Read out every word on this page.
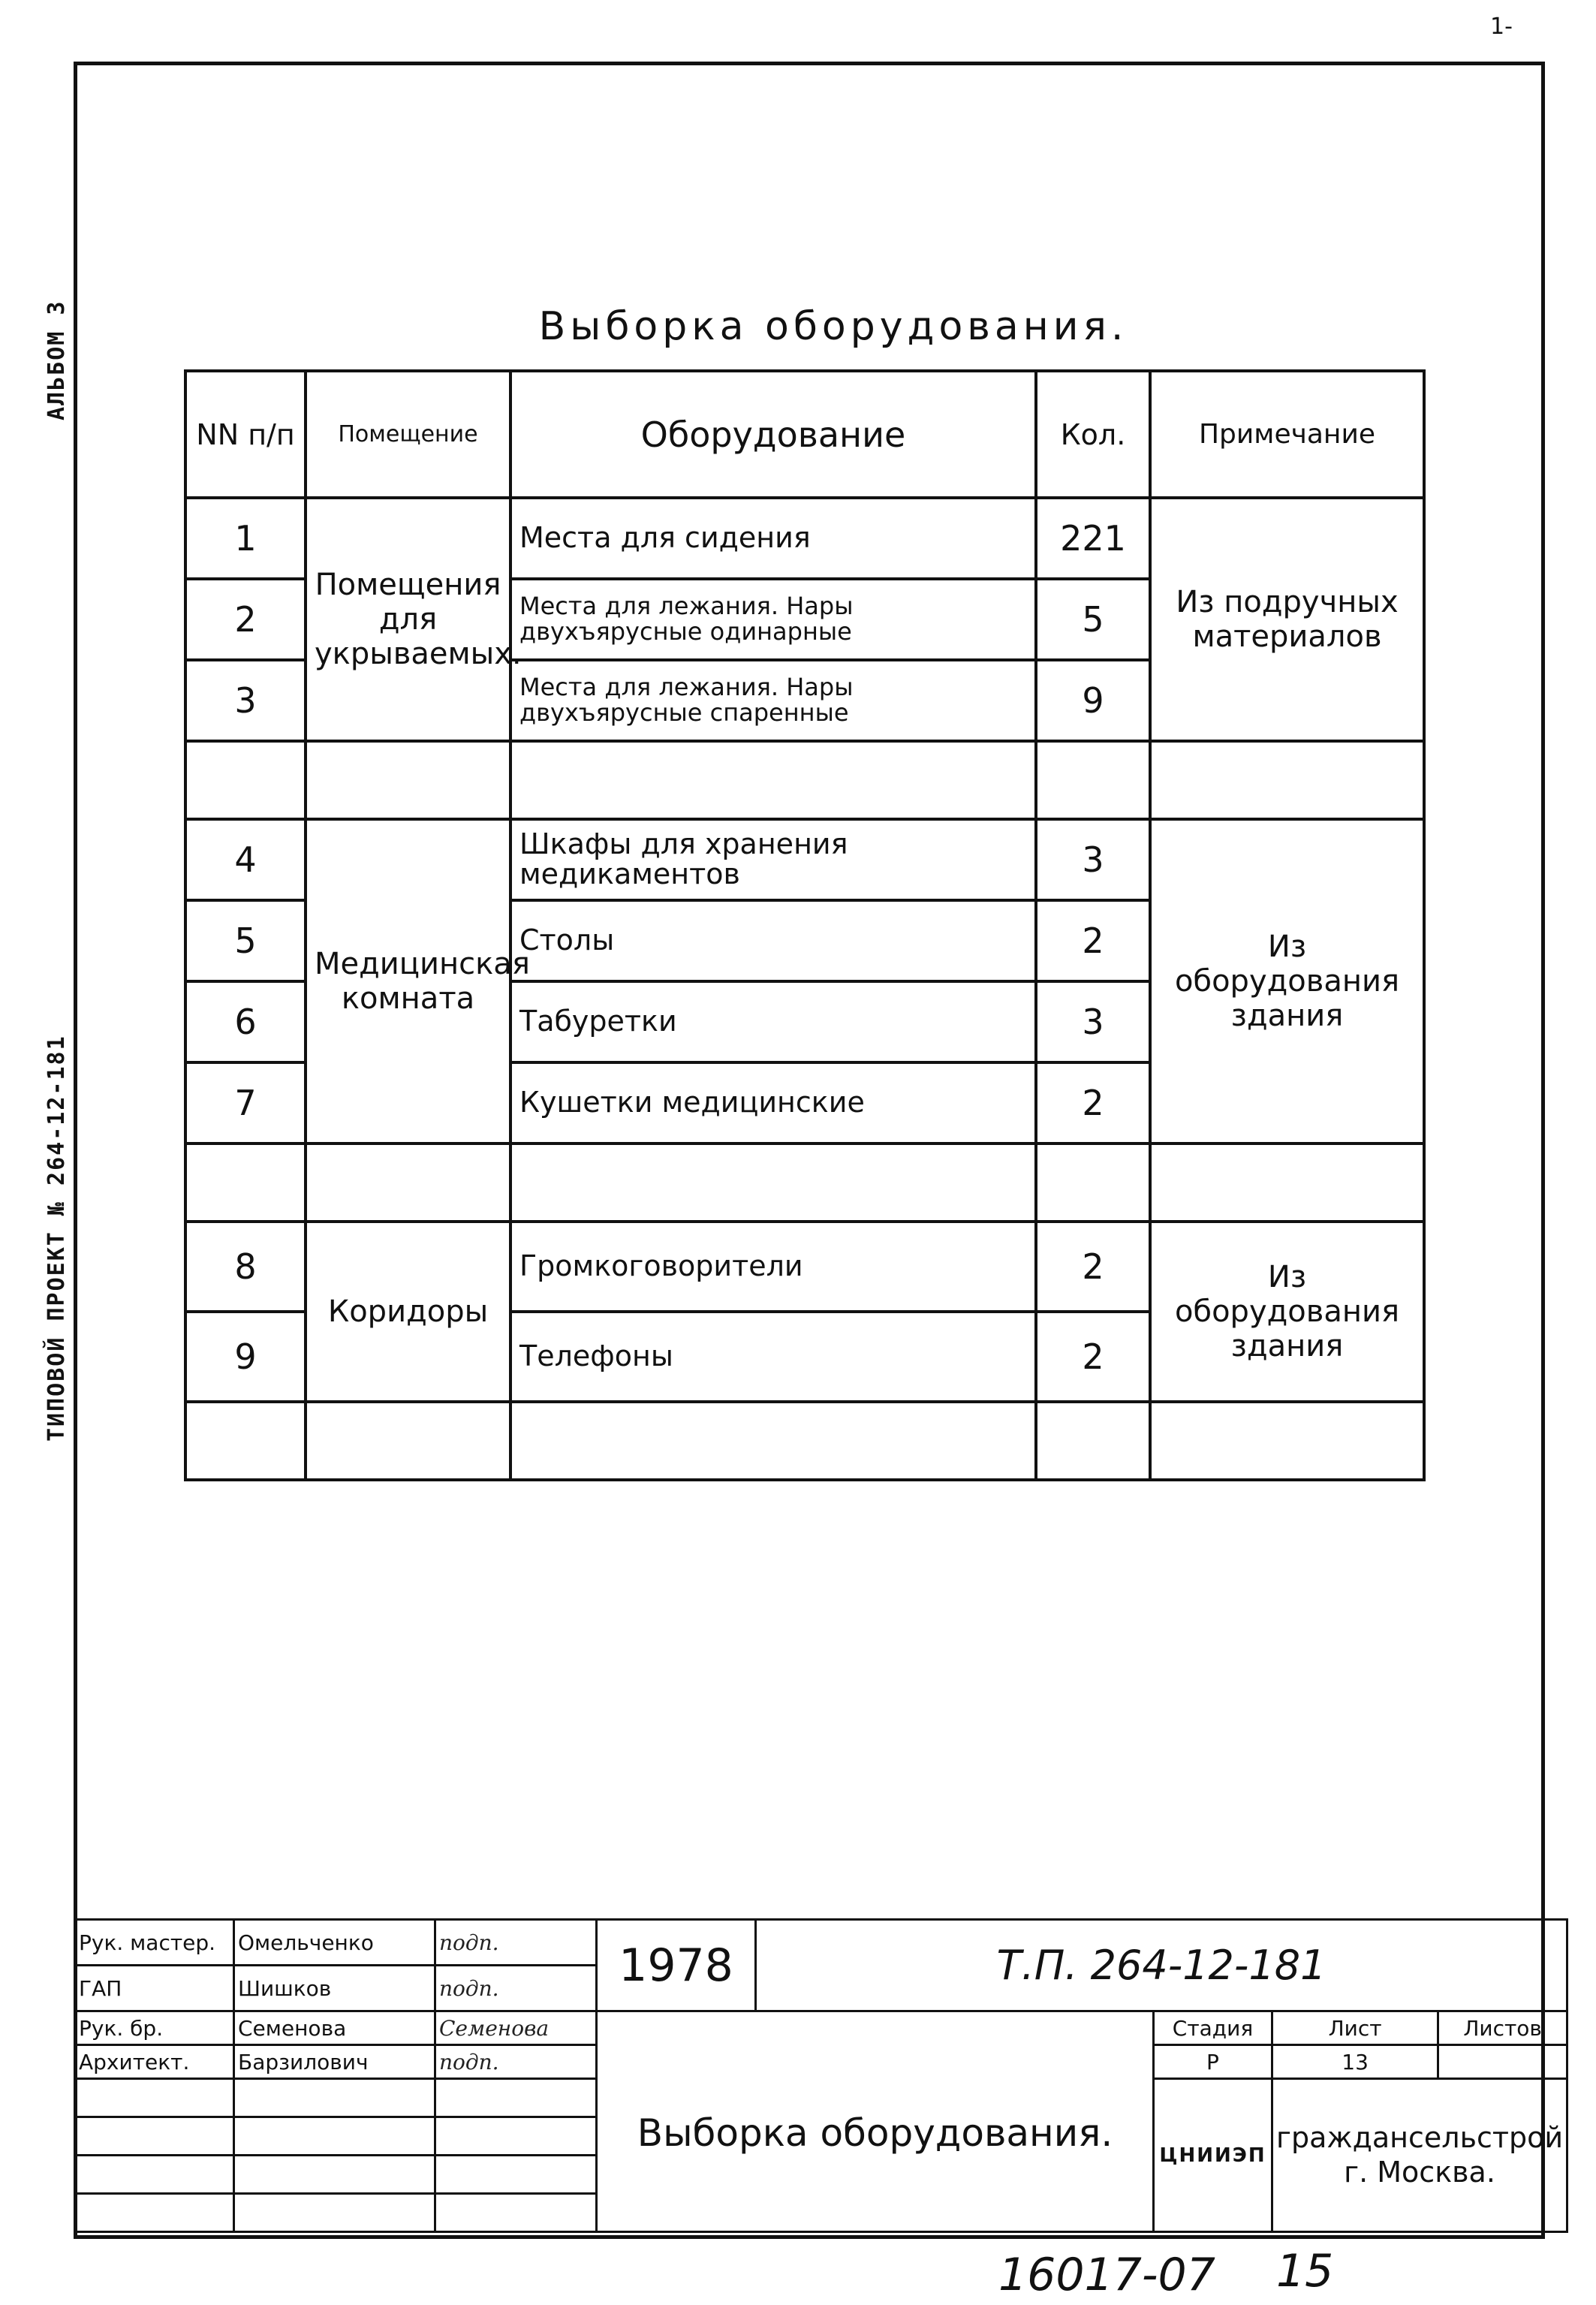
АЛЬБОМ 3
ТИПОВОЙ ПРОЕКТ № 264-12-181
1-
Выборка оборудования.
NN п/п	Помещение	Оборудование	Кол.	Примечание
1	Помещения для укрываемых.	Места для сидения	221	Из подручных материалов
2		Места для лежания. Нары двухъярусные одинарные	5	
3		Места для лежания. Нары двухъярусные спаренные	9	

4	Медицинская комната	Шкафы для хранения медикаментов	3	Из оборудования здания
5		Столы	2	
6		Табуретки	3	
7		Кушетки медицинские	2	

8	Коридоры	Громкоговорители	2	Из оборудования здания
9		Телефоны	2	

Рук. мастер.	Омельченко	подп.	1978	Т.П. 264-12-181			
ГАП	Шишков	подп.					
Рук. бр.	Семенова	Семенова	Выборка оборудования.		Стадия	Лист	Листов
Архитект.	Барзилович	подп.			Р	13	
					ЦНИИЭП	граждансельстрой
г. Москва.	

16017-07 15
